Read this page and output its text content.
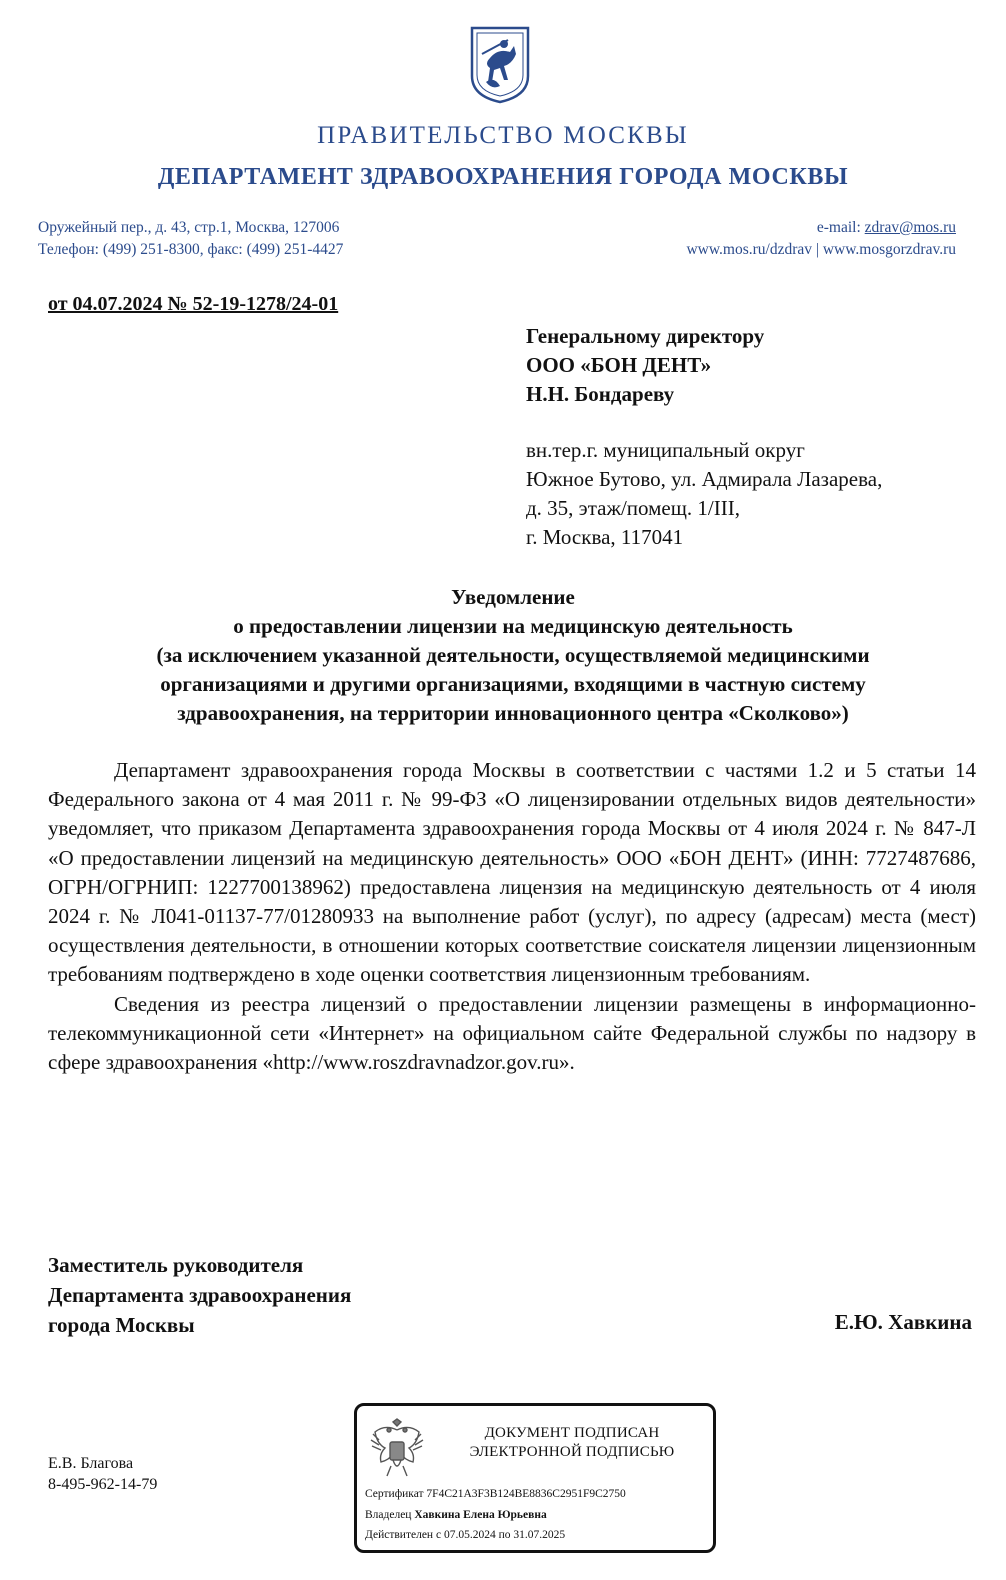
ПРАВИТЕЛЬСТВО МОСКВЫ
ДЕПАРТАМЕНТ ЗДРАВООХРАНЕНИЯ ГОРОДА МОСКВЫ
Оружейный пер., д. 43, стр.1, Москва, 127006
Телефон: (499) 251-8300, факс: (499) 251-4427
e-mail: zdrav@mos.ru
www.mos.ru/dzdrav | www.mosgorzdrav.ru
от 04.07.2024 № 52-19-1278/24-01
Генеральному директору
ООО «БОН ДЕНТ»
Н.Н. Бондареву
вн.тер.г. муниципальный округ
Южное Бутово, ул. Адмирала Лазарева,
д. 35, этаж/помещ. 1/III,
г. Москва, 117041
Уведомление
о предоставлении лицензии на медицинскую деятельность
(за исключением указанной деятельности, осуществляемой медицинскими
организациями и другими организациями, входящими в частную систему
здравоохранения, на территории инновационного центра «Сколково»)

Департамент здравоохранения города Москвы в соответствии с частями 1.2 и 5 статьи 14 Федерального закона от 4 мая 2011 г. № 99-ФЗ «О лицензировании отдельных видов деятельности» уведомляет, что приказом Департамента здравоохранения города Москвы от 4 июля 2024 г. № 847-Л «О предоставлении лицензий на медицинскую деятельность» ООО «БОН ДЕНТ» (ИНН: 7727487686, ОГРН/ОГРНИП: 1227700138962) предоставлена лицензия на медицинскую деятельность от 4 июля 2024 г. № Л041-01137-77/01280933 на выполнение работ (услуг), по адресу (адресам) места (мест) осуществления деятельности, в отношении которых соответствие соискателя лицензии лицензионным требованиям подтверждено в ходе оценки соответствия лицензионным требованиям.

Сведения из реестра лицензий о предоставлении лицензии размещены в информационно-телекоммуникационной сети «Интернет» на официальном сайте Федеральной службы по надзору в сфере здравоохранения «http://www.roszdravnadzor.gov.ru».

Заместитель руководителя
Департамента здравоохранения
города Москвы	Е.Ю. Хавкина
Е.В. Благова
8-495-962-14-79
ДОКУМЕНТ ПОДПИСАН
ЭЛЕКТРОННОЙ ПОДПИСЬЮ
Сертификат 7F4C21A3F3B124BE8836C2951F9C2750
Владелец Хавкина Елена Юрьевна
Действителен с 07.05.2024 по 31.07.2025
